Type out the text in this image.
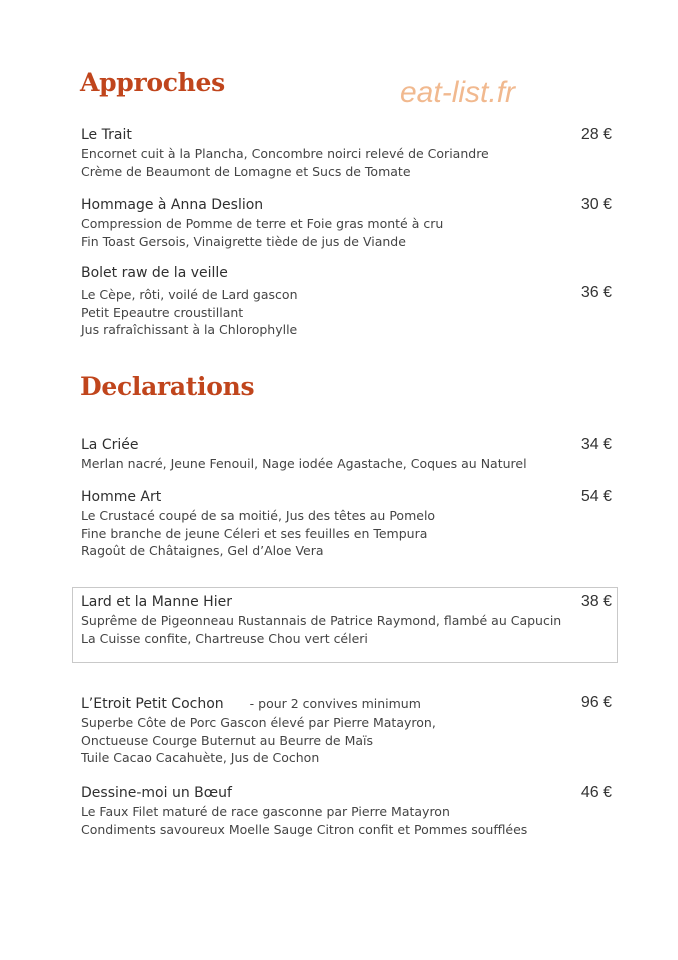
Approches	eat-list.fr
Le Trait	28 €
Encornet cuit à la Plancha, Concombre noirci relevé de Coriandre
Crème de Beaumont de Lomagne et Sucs de Tomate
Hommage à Anna Deslion	30 €
Compression de Pomme de terre et Foie gras monté à cru
Fin Toast Gersois, Vinaigrette tiède de jus de Viande
Bolet raw de la veille
36 €
Le Cèpe, rôti, voilé de Lard gascon
Petit Epeautre croustillant
Jus rafraîchissant à la Chlorophylle
Declarations
La Criée	34 €
Merlan nacré, Jeune Fenouil, Nage iodée Agastache, Coques au Naturel
Homme Art	54 €
Le Crustacé coupé de sa moitié, Jus des têtes au Pomelo
Fine branche de jeune Céleri et ses feuilles en Tempura
Ragoût de Châtaignes, Gel d’Aloe Vera
Lard et la Manne Hier	38 €
Suprême de Pigeonneau Rustannais de Patrice Raymond, flambé au Capucin
La Cuisse confite, Chartreuse Chou vert céleri
L’Etroit Petit Cochon - pour 2 convives minimum	96 €
Superbe Côte de Porc Gascon élevé par Pierre Matayron,
Onctueuse Courge Buternut au Beurre de Maïs
Tuile Cacao Cacahuète, Jus de Cochon
Dessine-moi un Bœuf	46 €
Le Faux Filet maturé de race gasconne par Pierre Matayron
Condiments savoureux Moelle Sauge Citron confit et Pommes soufflées
